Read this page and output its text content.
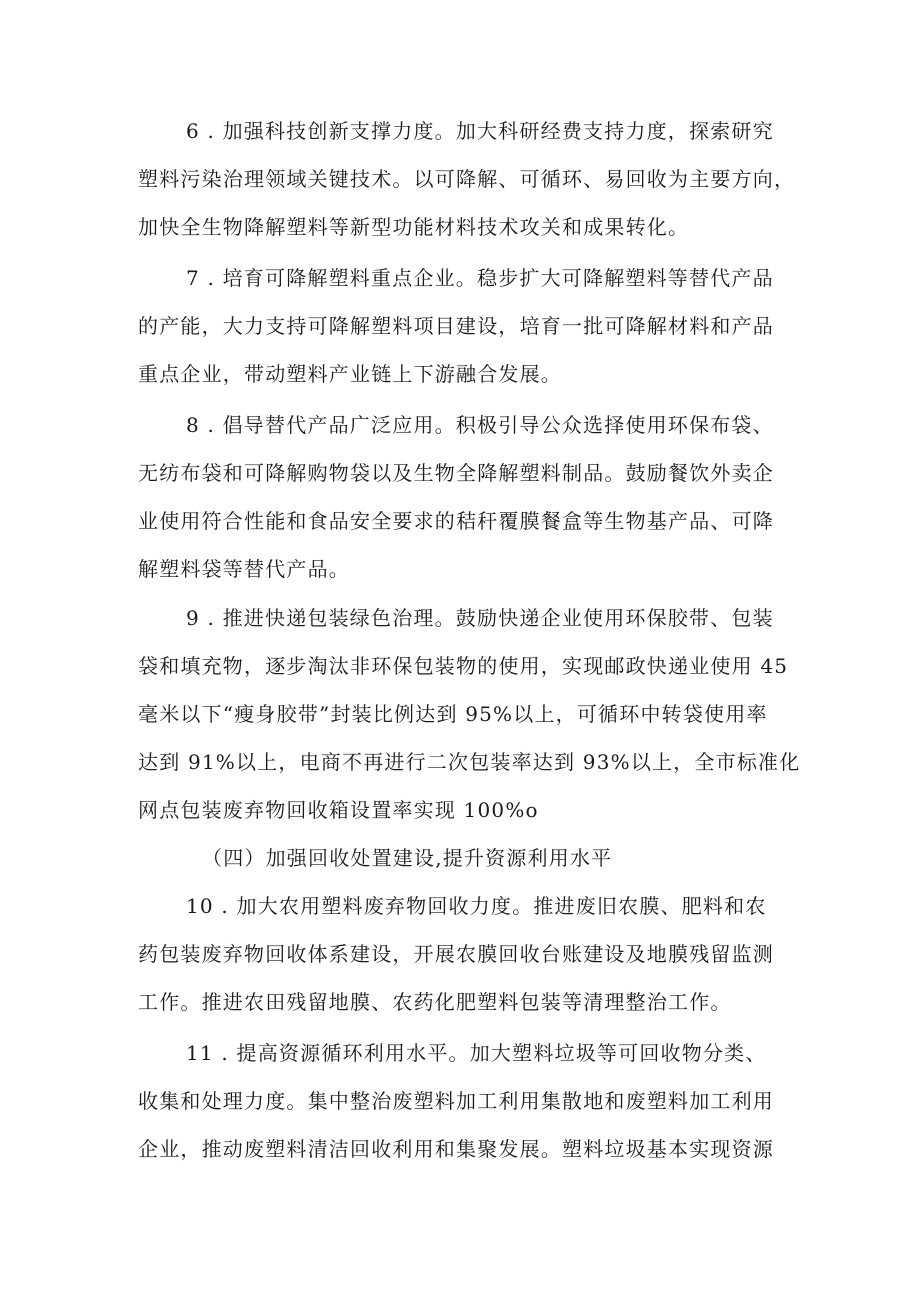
6 . 加强科技创新支撑力度。加大科研经费支持力度，探索研究
塑料污染治理领域关键技术。以可降解、可循环、易回收为主要方向，
加快全生物降解塑料等新型功能材料技术攻关和成果转化。
7 . 培育可降解塑料重点企业。稳步扩大可降解塑料等替代产品
的产能，大力支持可降解塑料项目建设，培育一批可降解材料和产品
重点企业，带动塑料产业链上下游融合发展。
8 . 倡导替代产品广泛应用。积极引导公众选择使用环保布袋、
无纺布袋和可降解购物袋以及生物全降解塑料制品。鼓励餐饮外卖企
业使用符合性能和食品安全要求的秸秆覆膜餐盒等生物基产品、可降
解塑料袋等替代产品。
9 . 推进快递包装绿色治理。鼓励快递企业使用环保胶带、包装
袋和填充物，逐步淘汰非环保包装物的使用，实现邮政快递业使用 45
毫米以下“瘦身胶带”封装比例达到 95%以上，可循环中转袋使用率
达到 91%以上，电商不再进行二次包装率达到 93%以上，全市标准化
网点包装废弃物回收箱设置率实现 100%o
（四）加强回收处置建设,提升资源利用水平
10 . 加大农用塑料废弃物回收力度。推进废旧农膜、肥料和农
药包装废弃物回收体系建设，开展农膜回收台账建设及地膜残留监测
工作。推进农田残留地膜、农药化肥塑料包装等清理整治工作。
11 . 提高资源循环利用水平。加大塑料垃圾等可回收物分类、
收集和处理力度。集中整治废塑料加工利用集散地和废塑料加工利用
企业，推动废塑料清洁回收利用和集聚发展。塑料垃圾基本实现资源
